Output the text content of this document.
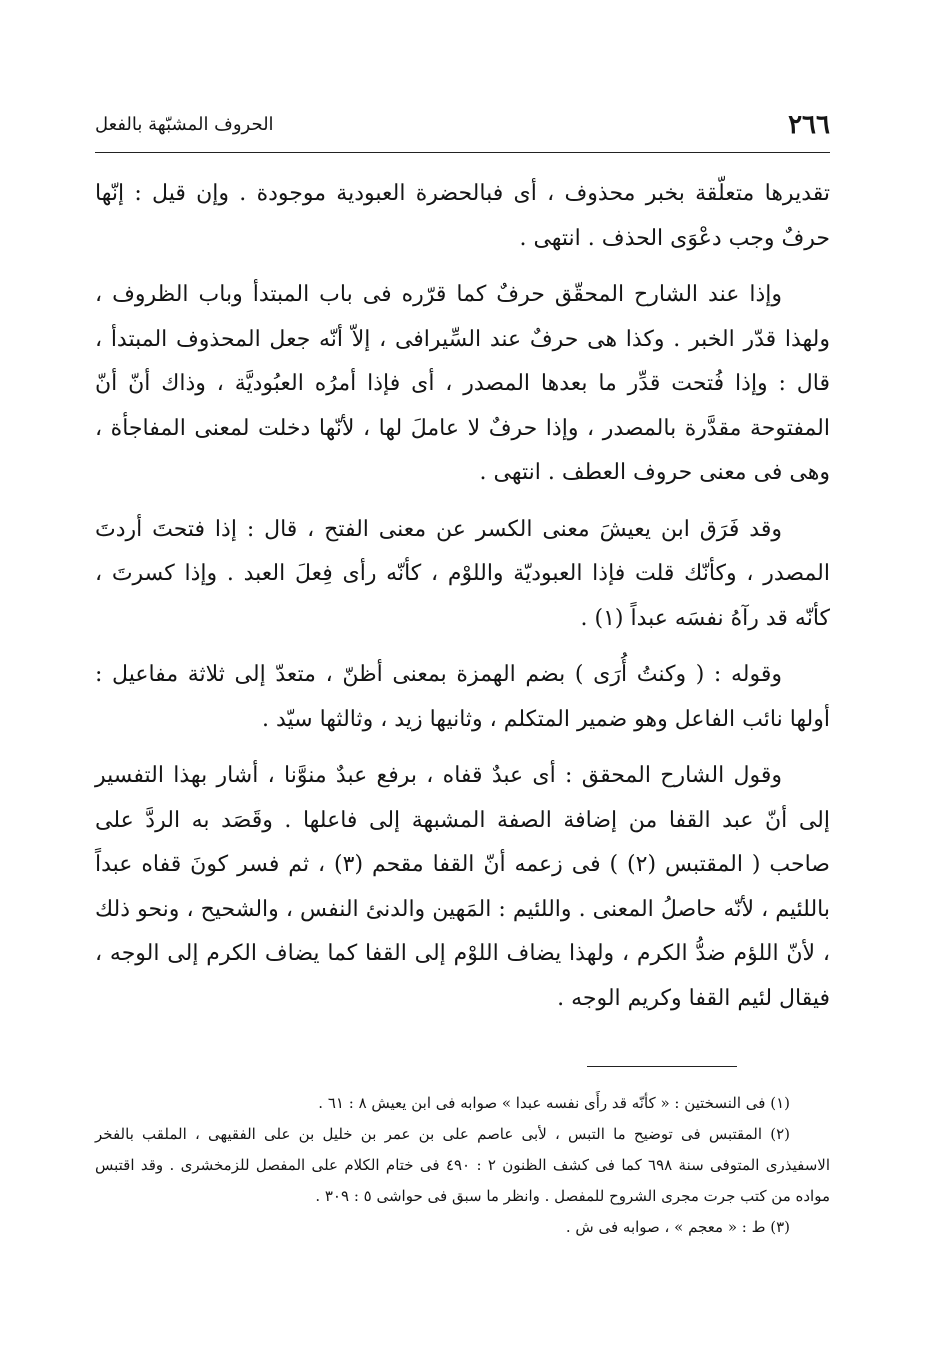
٢٦٦
الحروف المشبّهة بالفعل

تقديرها متعلّقة بخبر محذوف ، أى فبالحضرة العبودية موجودة . وإن قيل : إنّها حرفٌ وجب دعْوَى الحذف . انتهى .

وإذا عند الشارح المحقّق حرفٌ كما قرّره فى باب المبتدأ وباب الظروف ، ولهذا قدّر الخبر . وكذا هى حرفٌ عند السِّيرافى ، إلاّ أنّه جعل المحذوف المبتدأ ، قال : وإذا فُتحت قدِّر ما بعدها المصدر ، أى فإذا أمرُه العبُوديَّة ، وذاك أنّ أنّ المفتوحة مقدَّرة بالمصدر ، وإذا حرفٌ لا عاملَ لها ، لأنّها دخلت لمعنى المفاجأة ، وهى فى معنى حروف العطف . انتهى .

وقد فَرَق ابن يعيشَ معنى الكسر عن معنى الفتح ، قال : إذا فتحتَ أردتَ المصدر ، وكأنّك قلت فإذا العبوديّة واللوْم ، كأنّه رأى فِعلَ العبد . وإذا كسرتَ ، كأنّه قد رآهُ نفسَه عبداً (١) .

وقوله : ( وكنتُ أُرَى ) بضم الهمزة بمعنى أظنّ ، متعدّ إلى ثلاثة مفاعيل : أولها نائب الفاعل وهو ضمير المتكلم ، وثانيها زيد ، وثالثها سيّد .

وقول الشارح المحقق : أى عبدٌ قفاه ، برفع عبدٌ منوَّنا ، أشار بهذا التفسير إلى أنّ عبد القفا من إضافة الصفة المشبهة إلى فاعلها . وقَصَد به الردَّ على صاحب ( المقتبس (٢) ) فى زعمه أنّ القفا مقحم (٣) ، ثم فسر كونَ قفاه عبداً باللئيم ، لأنّه حاصلُ المعنى . واللئيم : المَهين والدنئ النفس ، والشحيح ، ونحو ذلك ، لأنّ اللؤم ضدُّ الكرم ، ولهذا يضاف اللوْم إلى القفا كما يضاف الكرم إلى الوجه ، فيقال لئيم القفا وكريم الوجه .

(١) فى النسختين : « كأنّه قد رأَى نفسه عبدا » صوابه فى ابن يعيش ٨ : ٦١ .

(٢) المقتبس فى توضيح ما التبس ، لأبى عاصم على بن عمر بن خليل بن على الفقيهى ، الملقب بالفخر الاسفيذرى المتوفى سنة ٦٩٨ كما فى كشف الظنون ٢ : ٤٩٠ فى ختام الكلام على المفصل للزمخشرى . وقد اقتبس مواده من كتب جرت مجرى الشروح للمفصل . وانظر ما سبق فى حواشى ٥ : ٣٠٩ .

(٣) ط : « معجم » ، صوابه فى ش .
